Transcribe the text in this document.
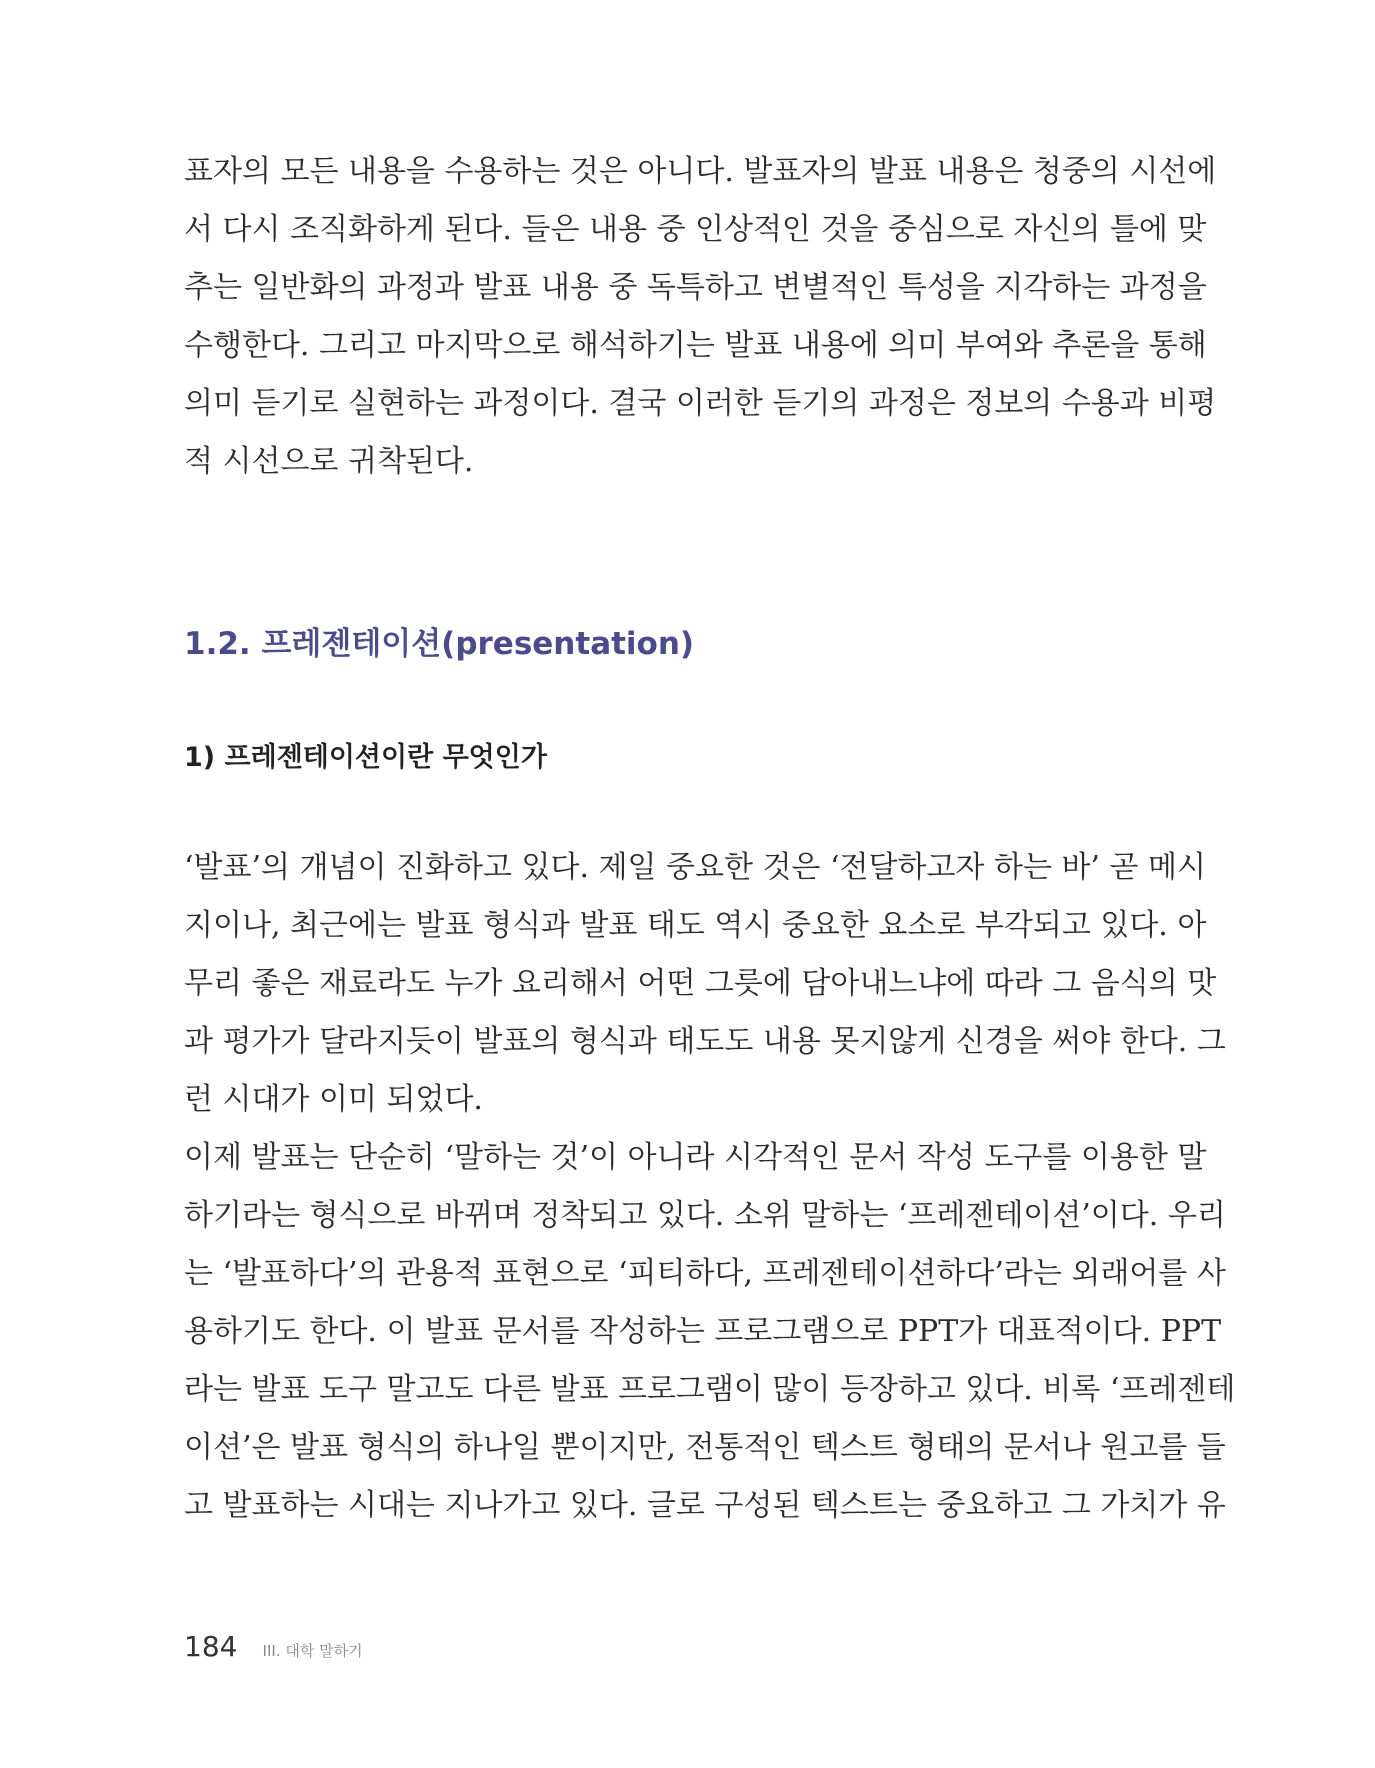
표자의 모든 내용을 수용하는 것은 아니다. 발표자의 발표 내용은 청중의 시선에
서 다시 조직화하게 된다. 들은 내용 중 인상적인 것을 중심으로 자신의 틀에 맞
추는 일반화의 과정과 발표 내용 중 독특하고 변별적인 특성을 지각하는 과정을
수행한다. 그리고 마지막으로 해석하기는 발표 내용에 의미 부여와 추론을 통해
의미 듣기로 실현하는 과정이다. 결국 이러한 듣기의 과정은 정보의 수용과 비평
적 시선으로 귀착된다.
1.2. 프레젠테이션(presentation)
1) 프레젠테이션이란 무엇인가
‘발표’의 개념이 진화하고 있다. 제일 중요한 것은 ‘전달하고자 하는 바’ 곧 메시
지이나, 최근에는 발표 형식과 발표 태도 역시 중요한 요소로 부각되고 있다. 아
무리 좋은 재료라도 누가 요리해서 어떤 그릇에 담아내느냐에 따라 그 음식의 맛
과 평가가 달라지듯이 발표의 형식과 태도도 내용 못지않게 신경을 써야 한다. 그
런 시대가 이미 되었다.
이제 발표는 단순히 ‘말하는 것’이 아니라 시각적인 문서 작성 도구를 이용한 말
하기라는 형식으로 바뀌며 정착되고 있다. 소위 말하는 ‘프레젠테이션’이다. 우리
는 ‘발표하다’의 관용적 표현으로 ‘피티하다, 프레젠테이션하다’라는 외래어를 사
용하기도 한다. 이 발표 문서를 작성하는 프로그램으로 PPT가 대표적이다. PPT
라는 발표 도구 말고도 다른 발표 프로그램이 많이 등장하고 있다. 비록 ‘프레젠테
이션’은 발표 형식의 하나일 뿐이지만, 전통적인 텍스트 형태의 문서나 원고를 들
고 발표하는 시대는 지나가고 있다. 글로 구성된 텍스트는 중요하고 그 가치가 유
184 III. 대학 말하기
